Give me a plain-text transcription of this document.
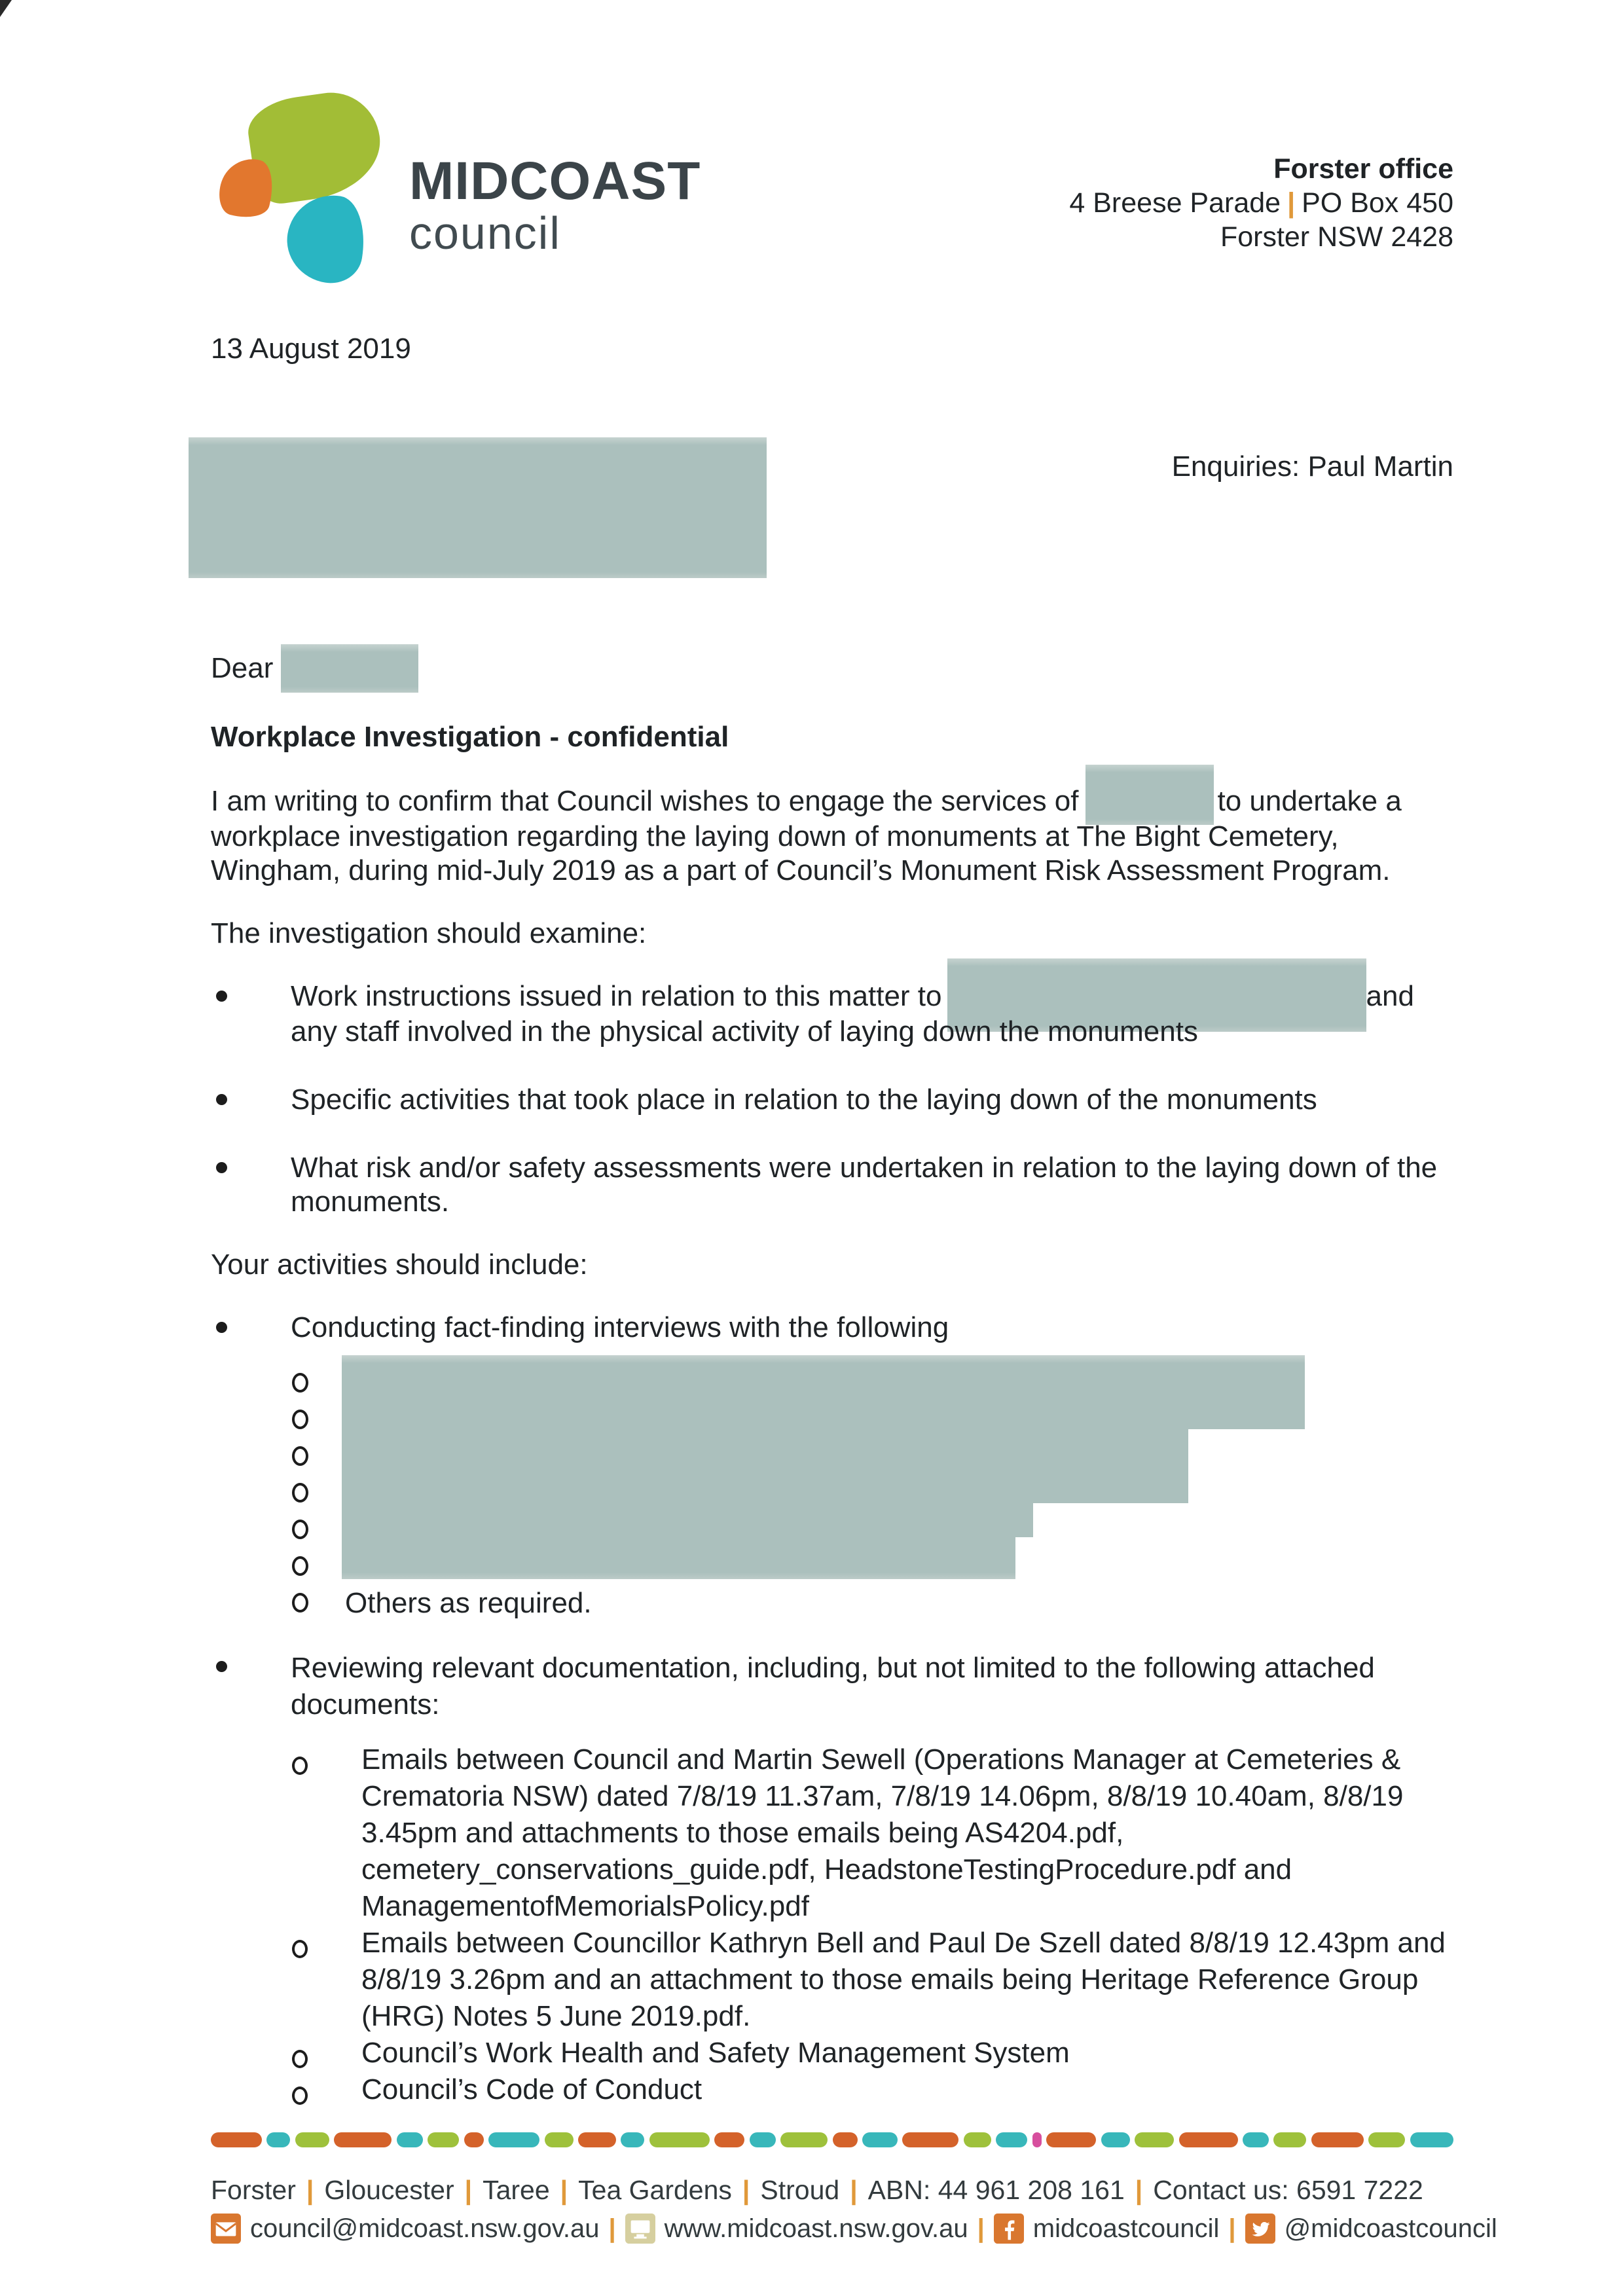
MIDCOAST
council
Forster office
4 Breese Parade | PO Box 450
Forster NSW 2428
13 August 2019
Enquiries: Paul Martin
Dear
Workplace Investigation - confidential
I am writing to confirm that Council wishes to engage the services of	to undertake a workplace investigation regarding the laying down of monuments at The Bight Cemetery, Wingham, during mid-July 2019 as a part of Council’s Monument Risk Assessment Program.
The investigation should examine:
Work instructions issued in relation to this matter to	and any staff involved in the physical activity of laying down the monuments
Specific activities that took place in relation to the laying down of the monuments
What risk and/or safety assessments were undertaken in relation to the laying down of the monuments.
Your activities should include:
Conducting fact-finding interviews with the following
Others as required.
Reviewing relevant documentation, including, but not limited to the following attached documents:
Emails between Council and Martin Sewell (Operations Manager at Cemeteries & Crematoria NSW) dated 7/8/19 11.37am, 7/8/19 14.06pm, 8/8/19 10.40am, 8/8/19 3.45pm and attachments to those emails being AS4204.pdf, cemetery_conservations_guide.pdf, HeadstoneTestingProcedure.pdf and ManagementofMemorialsPolicy.pdf
Emails between Councillor Kathryn Bell and Paul De Szell dated 8/8/19 12.43pm and 8/8/19 3.26pm and an attachment to those emails being Heritage Reference Group (HRG) Notes 5 June 2019.pdf.
Council’s Work Health and Safety Management System
Council’s Code of Conduct
Forster | Gloucester | Taree | Tea Gardens | Stroud | ABN: 44 961 208 161 | Contact us: 6591 7222
council@midcoast.nsw.gov.au |	www.midcoast.nsw.gov.au |	midcoastcouncil |	@midcoastcouncil
